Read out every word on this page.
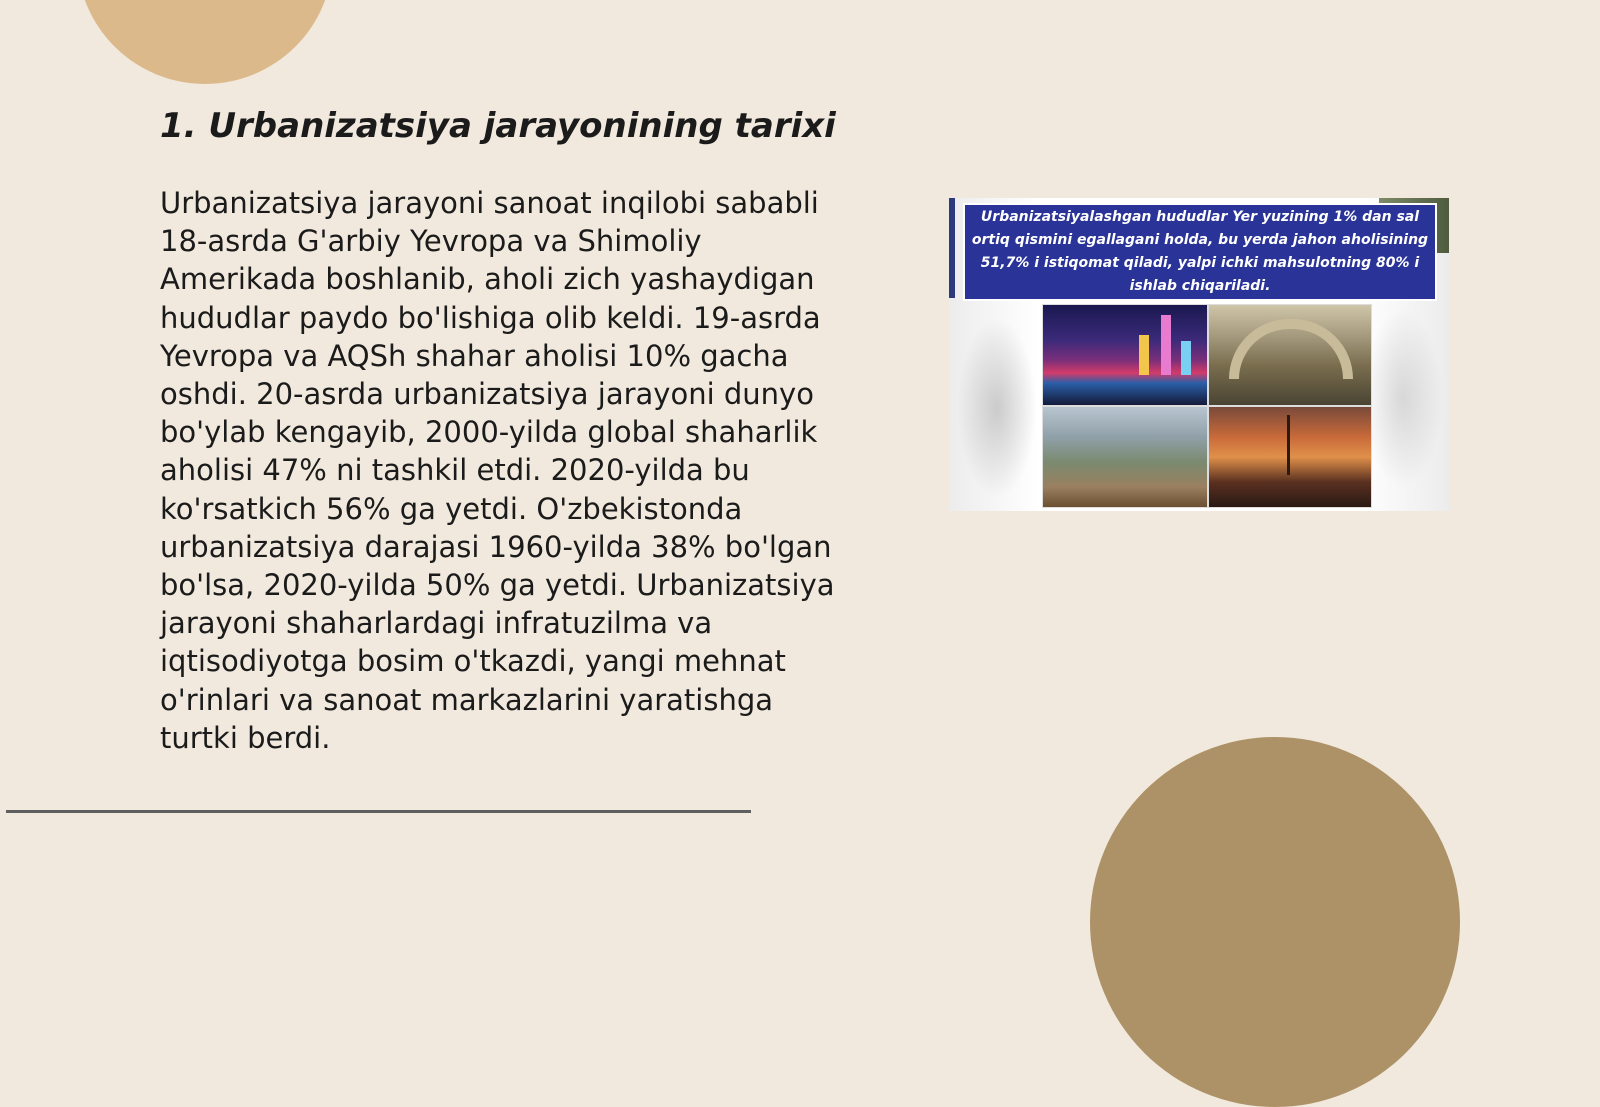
1. Urbanizatsiya jarayonining tarixi

Urbanizatsiya jarayoni sanoat inqilobi sababli 18-asrda G'arbiy Yevropa va Shimoliy Amerikada boshlanib, aholi zich yashaydigan hududlar paydo bo'lishiga olib keldi. 19-asrda Yevropa va AQSh shahar aholisi 10% gacha oshdi. 20-asrda urbanizatsiya jarayoni dunyo bo'ylab kengayib, 2000-yilda global shaharlik aholisi 47% ni tashkil etdi. 2020-yilda bu ko'rsatkich 56% ga yetdi. O'zbekistonda urbanizatsiya darajasi 1960-yilda 38% bo'lgan bo'lsa, 2020-yilda 50% ga yetdi. Urbanizatsiya jarayoni shaharlardagi infratuzilma va iqtisodiyotga bosim o'tkazdi, yangi mehnat o'rinlari va sanoat markazlarini yaratishga turtki berdi.

Urbanizatsiyalashgan hududlar Yer yuzining 1% dan sal ortiq qismini egallagani holda, bu yerda jahon aholisining 51,7% i istiqomat qiladi, yalpi ichki mahsulotning 80% i ishlab chiqariladi.
